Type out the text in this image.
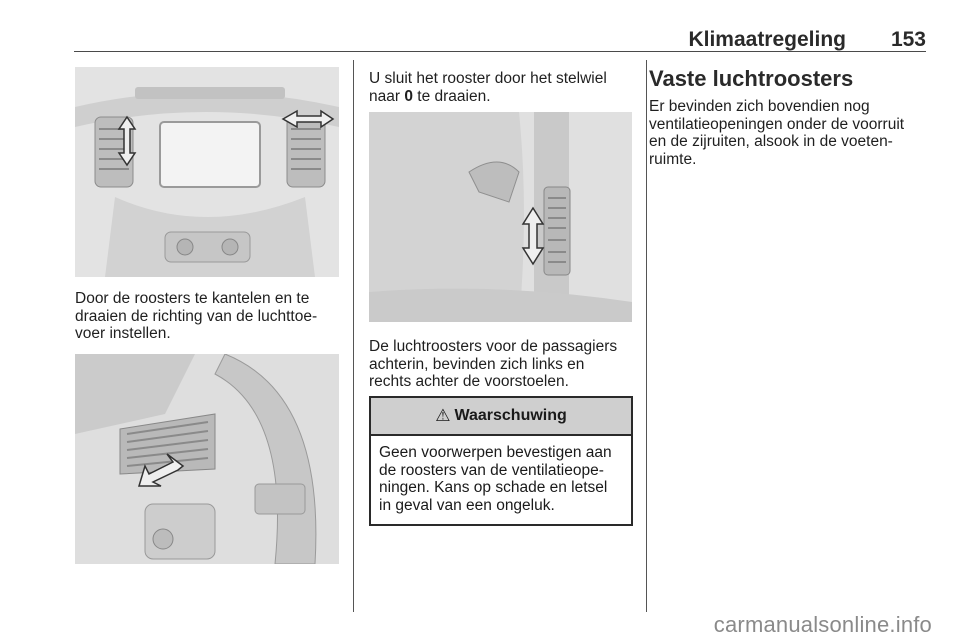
Klimaatregeling 153
Door de roosters te kantelen en te
draaien de richting van de luchttoe-
voer instellen.
U sluit het rooster door het stelwiel
naar 0 te draaien.
De luchtroosters voor de passagiers
achterin, bevinden zich links en
rechts achter de voorstoelen.
⚠ Waarschuwing
Geen voorwerpen bevestigen aan
de roosters van de ventilatieope-
ningen. Kans op schade en letsel
in geval van een ongeluk.
Vaste luchtroosters
Er bevinden zich bovendien nog
ventilatieopeningen onder de voorruit
en de zijruiten, alsook in de voeten-
ruimte.
carmanualsonline.info
